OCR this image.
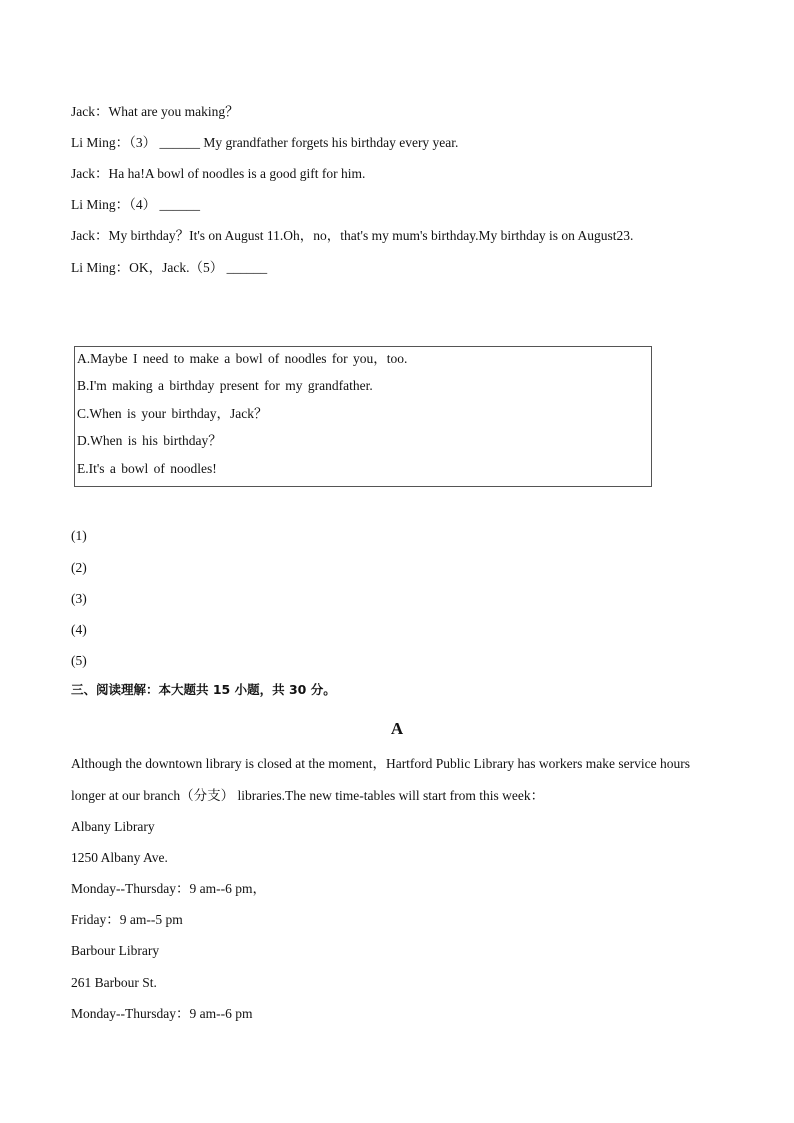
Jack：What are you making？
Li Ming：（3） ______ My grandfather forgets his birthday every year.
Jack：Ha ha!A bowl of noodles is a good gift for him.
Li Ming：（4） ______
Jack：My birthday？It's on August 11.Oh，no，that's my mum's birthday.My birthday is on August23.
Li Ming：OK，Jack.（5） ______
A.Maybe I need to make a bowl of noodles for you，too.
B.I'm making a birthday present for my grandfather.
C.When is your birthday，Jack？
D.When is his birthday？
E.It's a bowl of noodles!
(1)
(2)
(3)
(4)
(5)
三、阅读理解：本大题共 15 小题，共 30 分。
A
Although the downtown library is closed at the moment，Hartford Public Library has workers make service hours
longer at our branch（分支） libraries.The new time-tables will start from this week：
Albany Library
1250 Albany Ave.
Monday--Thursday：9 am--6 pm，
Friday：9 am--5 pm
Barbour Library
261 Barbour St.
Monday--Thursday：9 am--6 pm
